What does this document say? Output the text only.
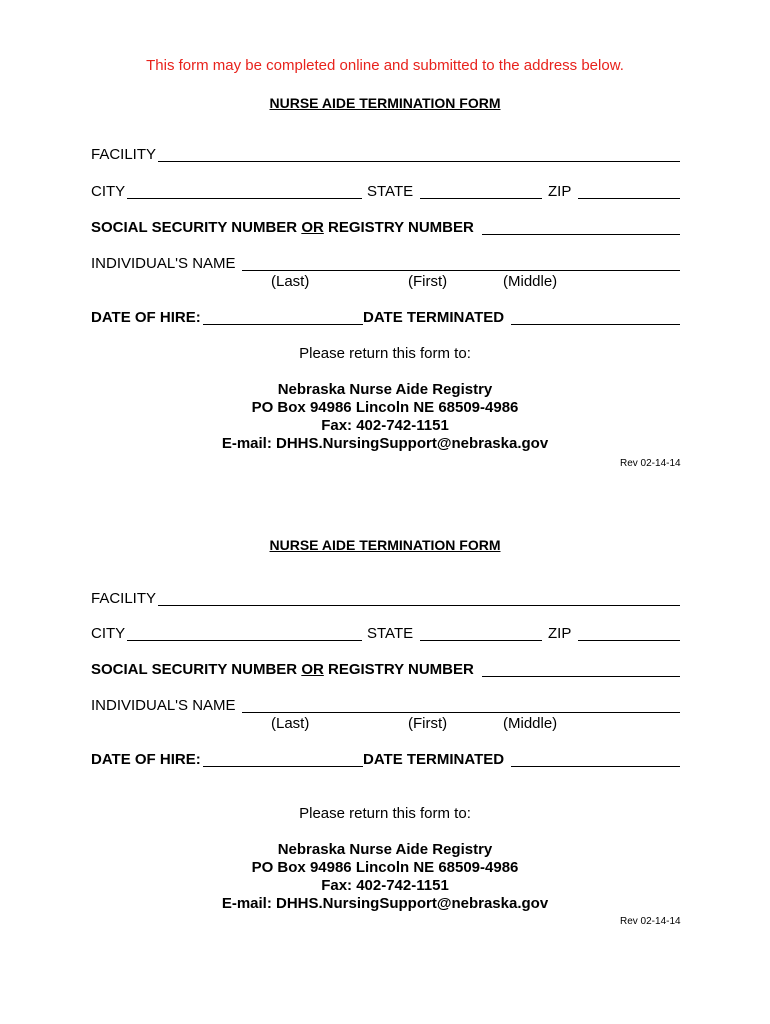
This form may be completed online and submitted to the address below.
NURSE AIDE TERMINATION FORM
FACILITY
CITY	STATE	ZIP
SOCIAL SECURITY NUMBER OR REGISTRY NUMBER
INDIVIDUAL'S NAME
(Last)	(First)	(Middle)
DATE OF HIRE:	DATE TERMINATED
Please return this form to:
Nebraska Nurse Aide Registry
PO Box 94986 Lincoln NE 68509-4986
Fax: 402-742-1151
E-mail: DHHS.NursingSupport@nebraska.gov
Rev 02-14-14
NURSE AIDE TERMINATION FORM
FACILITY
CITY	STATE	ZIP
SOCIAL SECURITY NUMBER OR REGISTRY NUMBER
INDIVIDUAL'S NAME
(Last)	(First)	(Middle)
DATE OF HIRE:	DATE TERMINATED
Please return this form to:
Nebraska Nurse Aide Registry
PO Box 94986 Lincoln NE 68509-4986
Fax: 402-742-1151
E-mail: DHHS.NursingSupport@nebraska.gov
Rev 02-14-14
